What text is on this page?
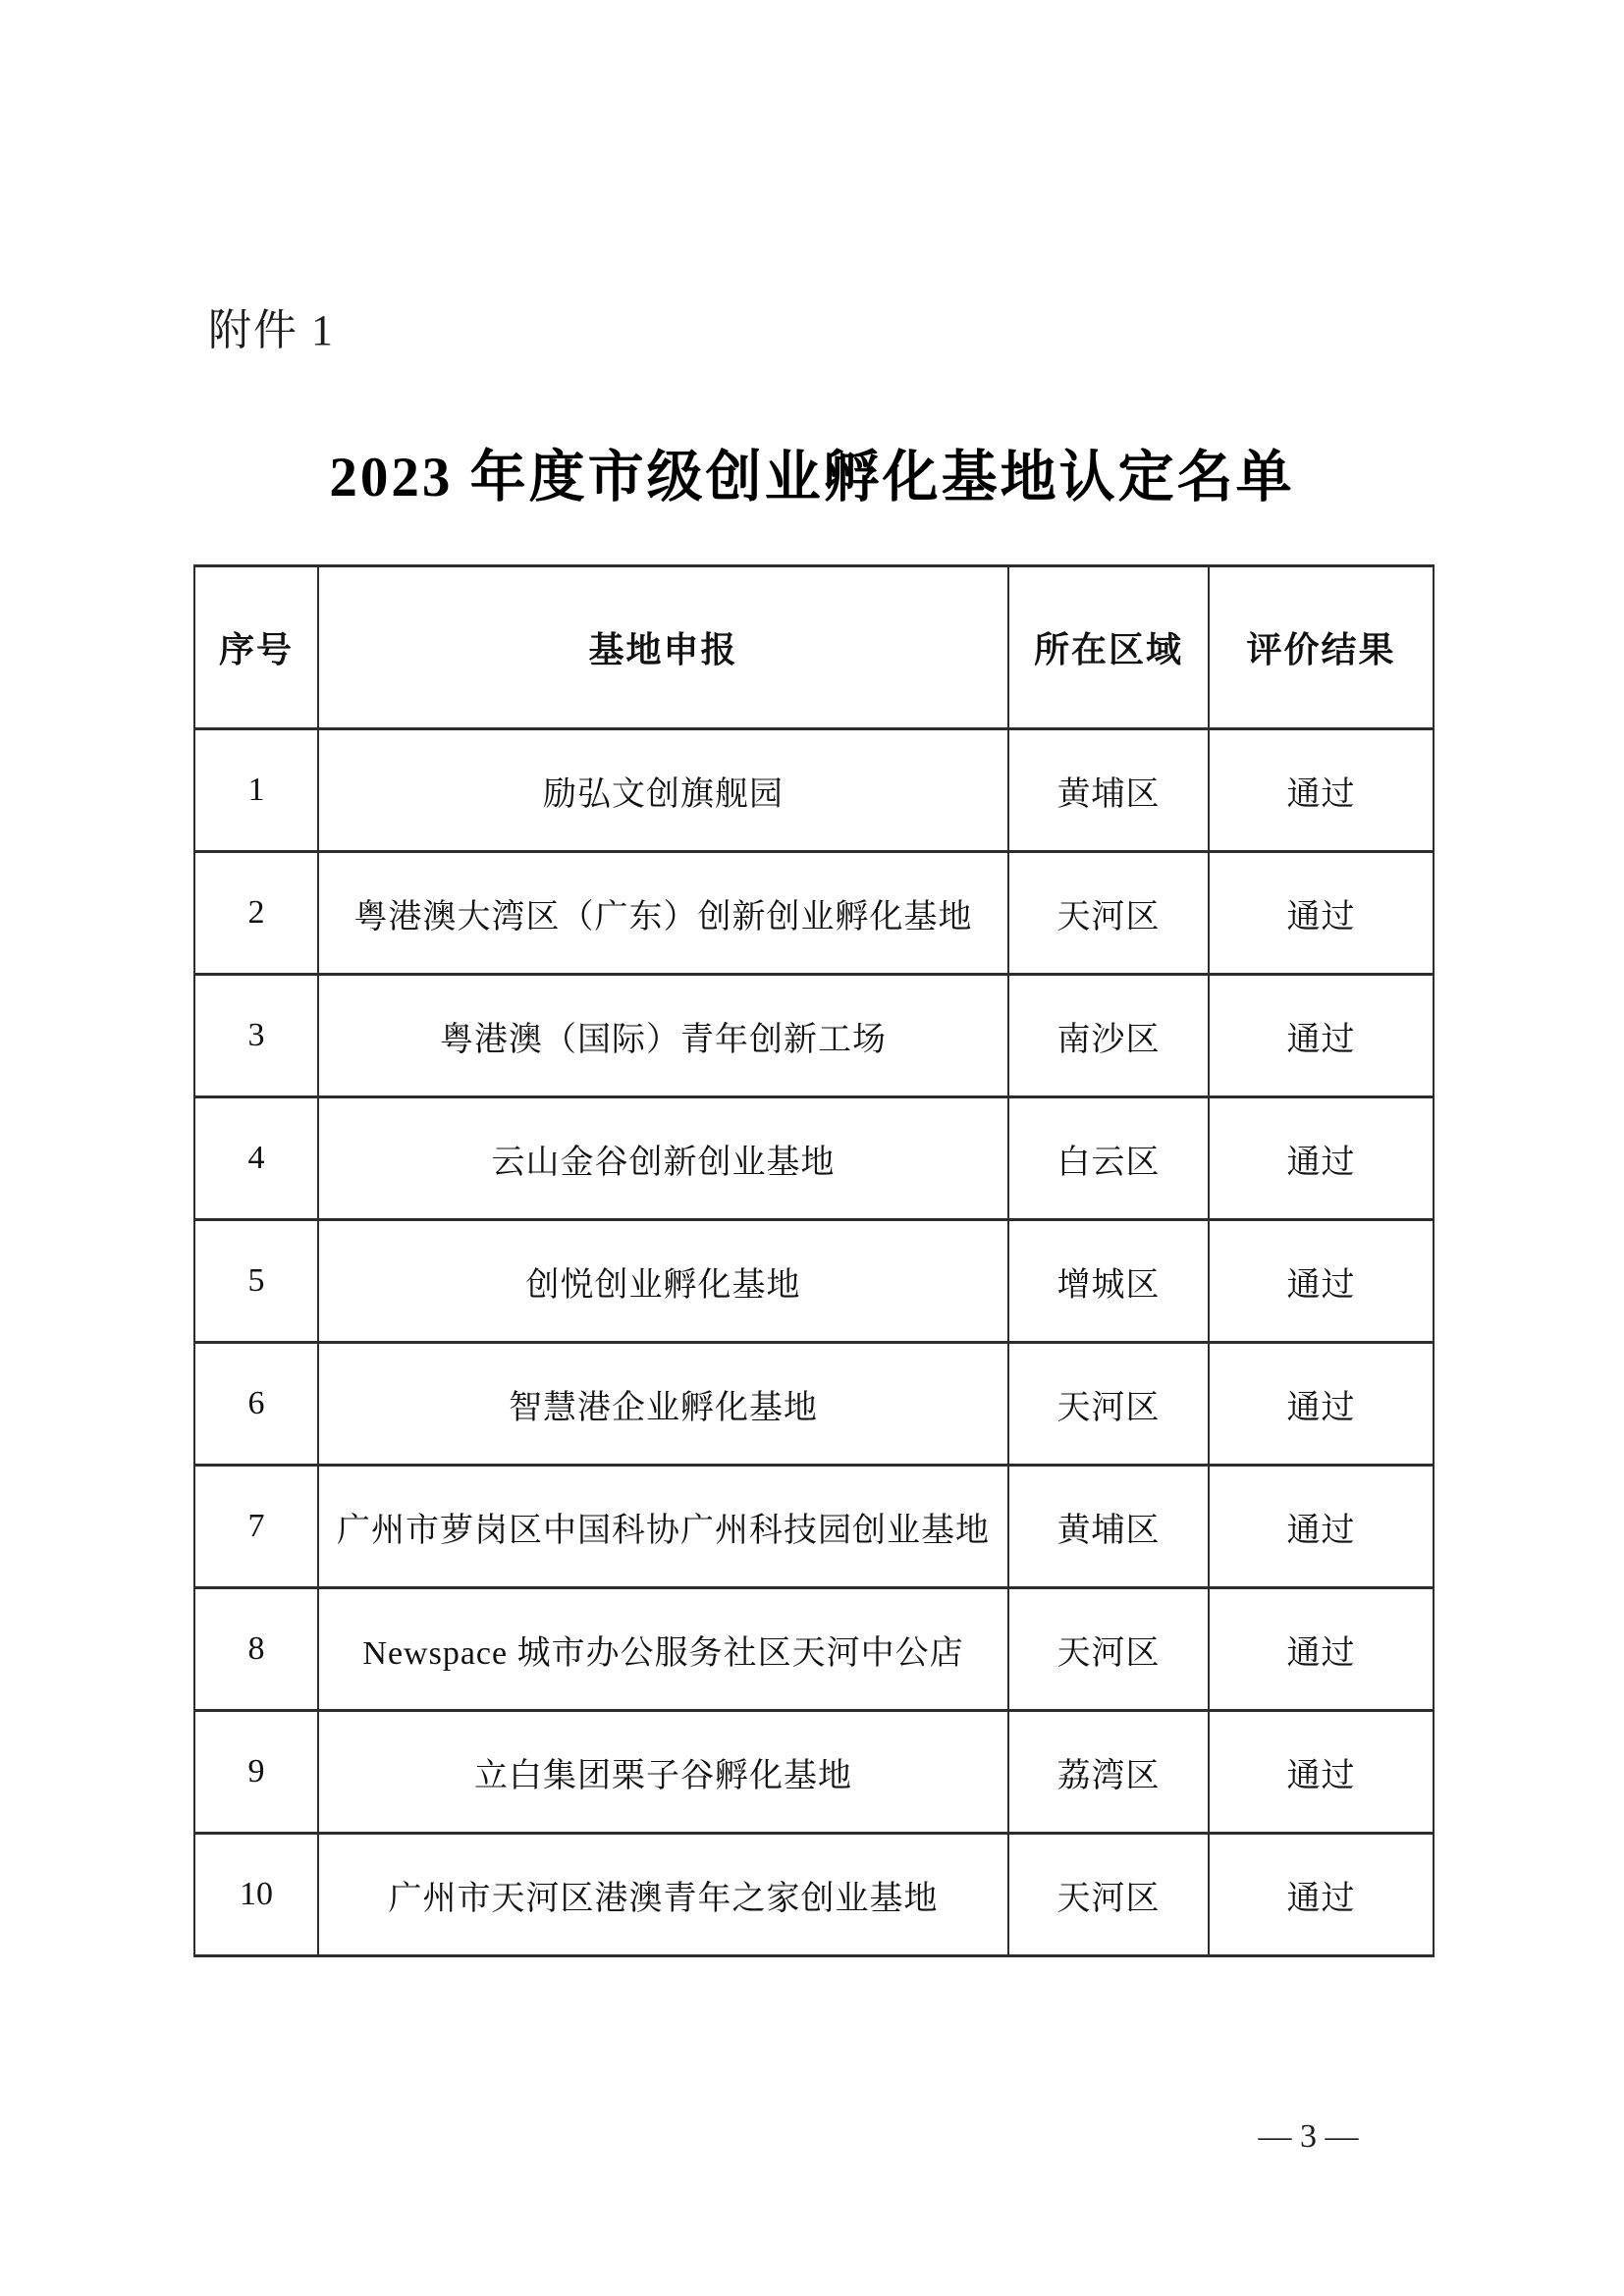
附件 1
2023 年度市级创业孵化基地认定名单
序号	基地申报	所在区域	评价结果
1	励弘文创旗舰园	黄埔区	通过
2	粤港澳大湾区（广东）创新创业孵化基地	天河区	通过
3	粤港澳（国际）青年创新工场	南沙区	通过
4	云山金谷创新创业基地	白云区	通过
5	创悦创业孵化基地	增城区	通过
6	智慧港企业孵化基地	天河区	通过
7	广州市萝岗区中国科协广州科技园创业基地	黄埔区	通过
8	Newspace 城市办公服务社区天河中公店	天河区	通过
9	立白集团栗子谷孵化基地	荔湾区	通过
10	广州市天河区港澳青年之家创业基地	天河区	通过
— 3 —
